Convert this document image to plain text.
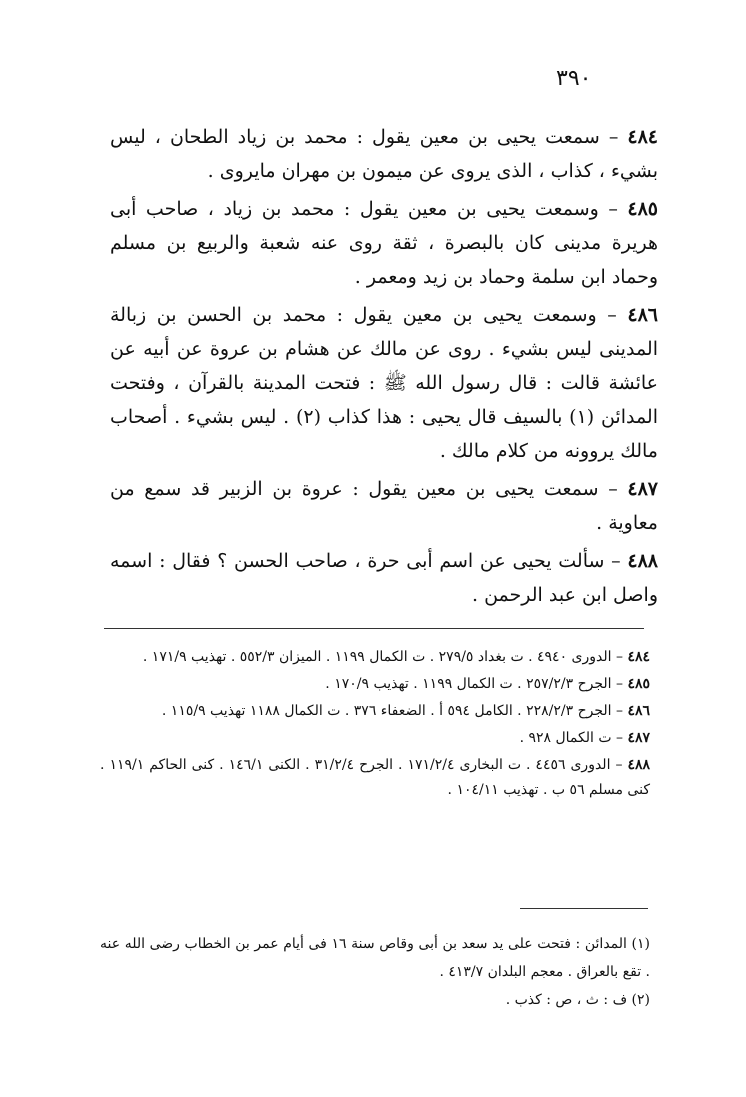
٣٩٠

٤٨٤ – سمعت يحيى بن معين يقول : محمد بن زياد الطحان ، ليس بشيء ، كذاب ، الذى يروى عن ميمون بن مهران مايروى .

٤٨٥ – وسمعت يحيى بن معين يقول : محمد بن زياد ، صاحب أبى هريرة مدينى كان بالبصرة ، ثقة روى عنه شعبة والربيع بن مسلم وحماد ابن سلمة وحماد بن زيد ومعمر .

٤٨٦ – وسمعت يحيى بن معين يقول : محمد بن الحسن بن زبالة المدينى ليس بشيء . روى عن مالك عن هشام بن عروة عن أبيه عن عائشة قالت : قال رسول الله ﷺ : فتحت المدينة بالقرآن ، وفتحت المدائن (١) بالسيف قال يحيى : هذا كذاب (٢) . ليس بشيء . أصحاب مالك يروونه من كلام مالك .

٤٨٧ – سمعت يحيى بن معين يقول : عروة بن الزبير قد سمع من معاوية .

٤٨٨ – سألت يحيى عن اسم أبى حرة ، صاحب الحسن ؟ فقال : اسمه واصل ابن عبد الرحمن .

٤٨٤ – الدورى ٤٩٤٠ . ت بغداد ٢٧٩/٥ . ت الكمال ١١٩٩ . الميزان ٥٥٢/٣ . تهذيب ١٧١/٩ .

٤٨٥ – الجرح ٢٥٧/٢/٣ . ت الكمال ١١٩٩ . تهذيب ١٧٠/٩ .

٤٨٦ – الجرح ٢٢٨/٢/٣ . الكامل ٥٩٤ أ . الضعفاء ٣٧٦ . ت الكمال ١١٨٨ تهذيب ١١٥/٩ .

٤٨٧ – ت الكمال ٩٢٨ .

٤٨٨ – الدورى ٤٤٥٦ . ت البخارى ١٧١/٢/٤ . الجرح ٣١/٢/٤ . الكنى ١٤٦/١ . كنى الحاكم ١١٩/١ . كنى مسلم ٥٦ ب . تهذيب ١٠٤/١١ .

(١) المدائن : فتحت على يد سعد بن أبى وقاص سنة ١٦ فى أيام عمر بن الخطاب رضى الله عنه . تقع بالعراق . معجم البلدان ٤١٣/٧ .

(٢) ف : ث ، ص : كذب .
